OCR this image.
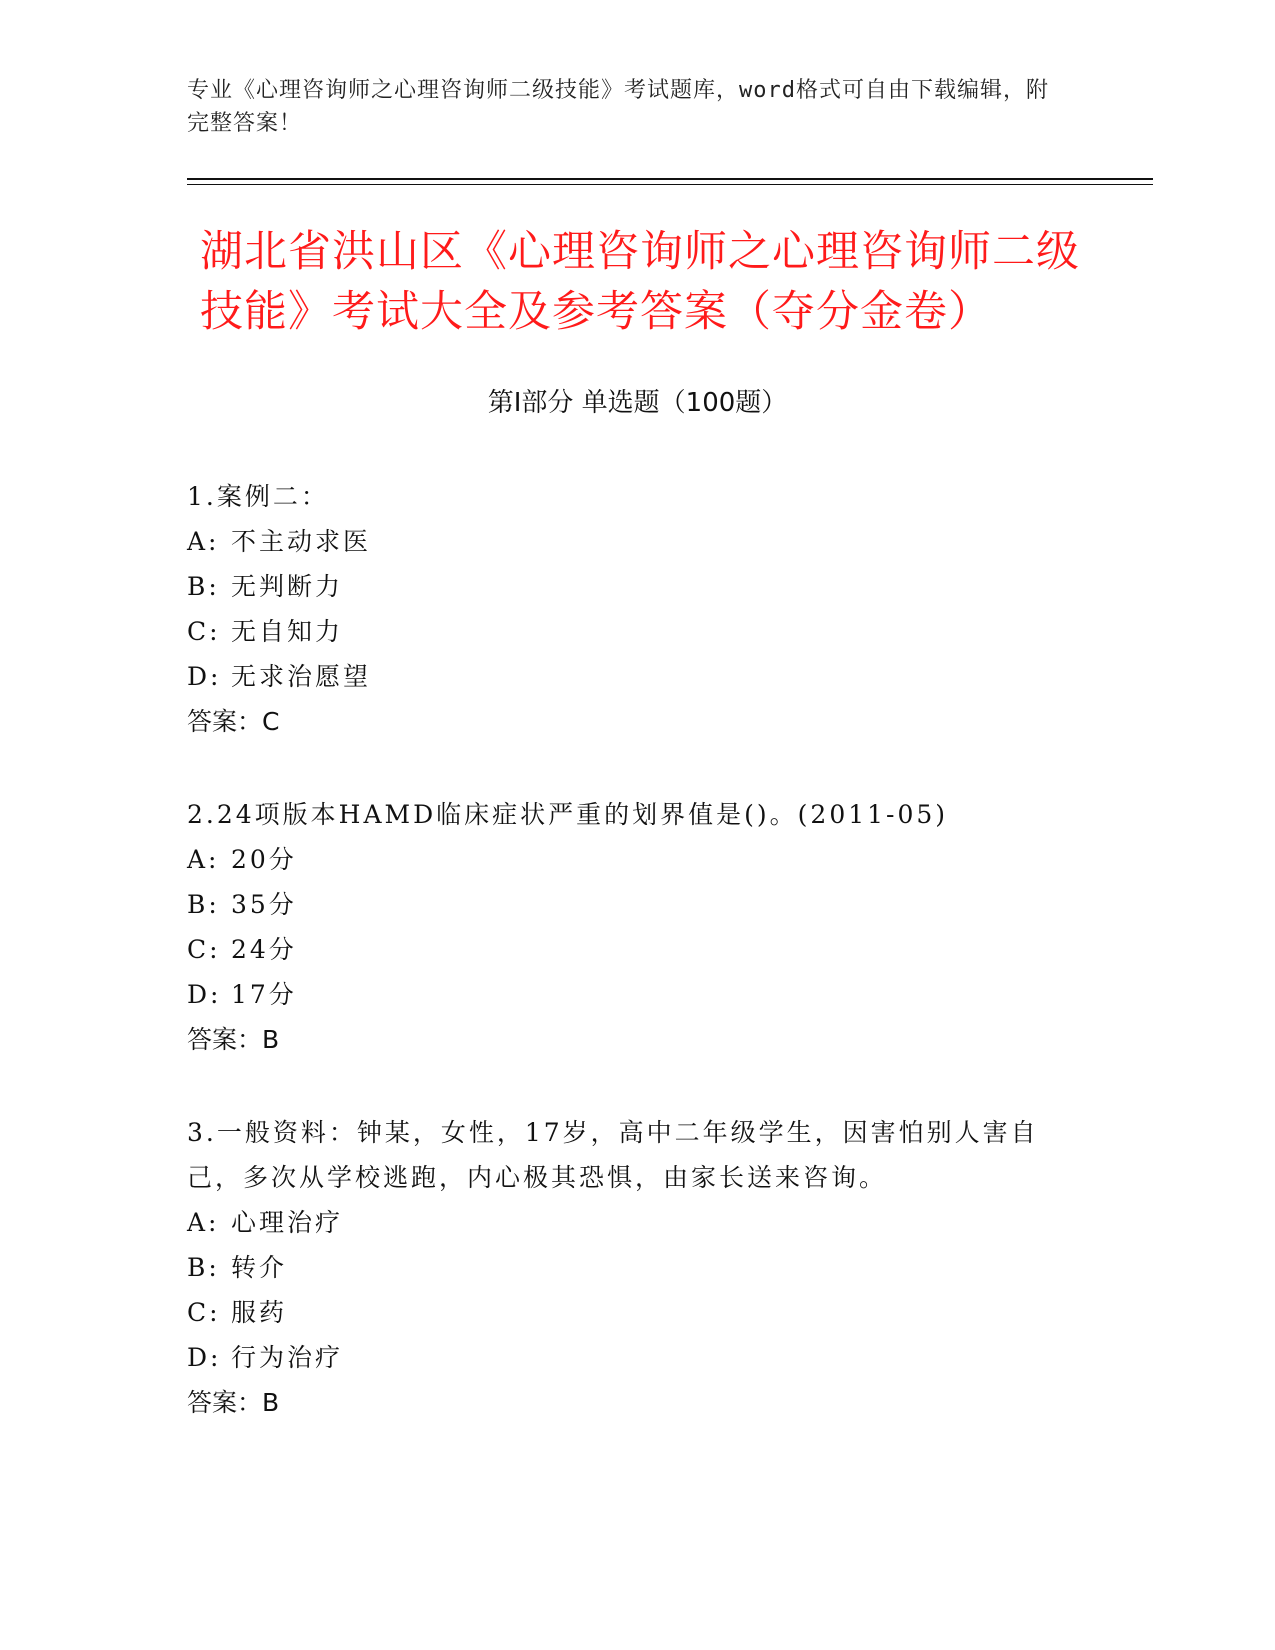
专业《心理咨询师之心理咨询师二级技能》考试题库，word格式可自由下载编辑，附完整答案！
湖北省洪山区《心理咨询师之心理咨询师二级技能》考试大全及参考答案（夺分金卷）
第Ⅰ部分 单选题（100题）
1.案例二：
A: 不主动求医
B: 无判断力
C: 无自知力
D: 无求治愿望
答案：C
2.24项版本HAMD临床症状严重的划界值是()。(2011-05)
A: 20分
B: 35分
C: 24分
D: 17分
答案：B
3.一般资料：钟某，女性，17岁，高中二年级学生，因害怕别人害自己，多次从学校逃跑，内心极其恐惧，由家长送来咨询。
A: 心理治疗
B: 转介
C: 服药
D: 行为治疗
答案：B
